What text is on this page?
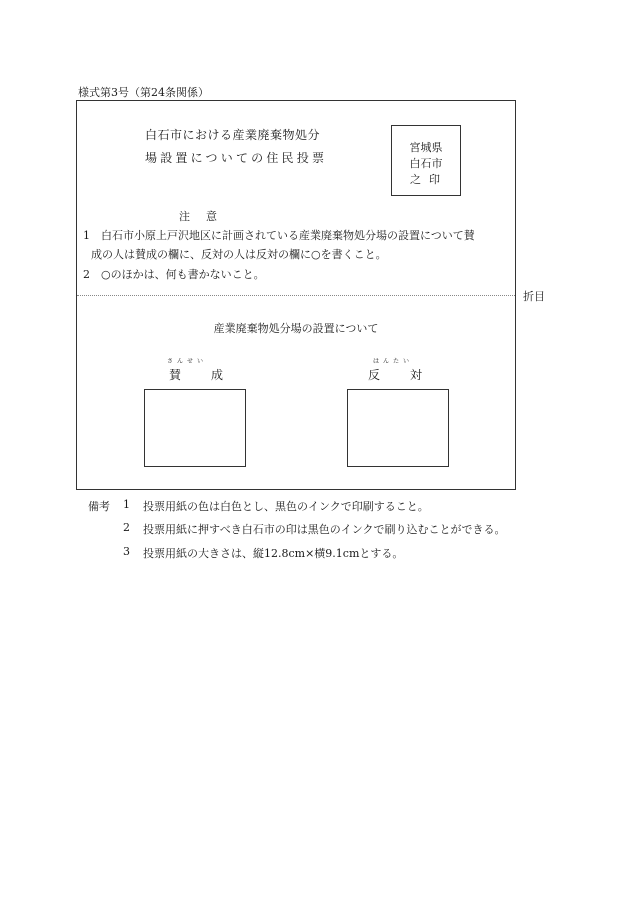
様式第3号（第24条関係）
白石市における産業廃棄物処分
場設置についての住民投票
宮城県
白石市
之印
注意
1　白石市小原上戸沢地区に計画されている産業廃棄物処分場の設置について賛
成の人は賛成の欄に、反対の人は反対の欄に○を書くこと。
2　○のほかは、何も書かないこと。
産業廃棄物処分場の設置について
さんせい
賛成
はんたい
反対
折目
備考 1 投票用紙の色は白色とし、黒色のインクで印刷すること。
2 投票用紙に押すべき白石市の印は黒色のインクで刷り込むことができる。
3 投票用紙の大きさは、縦12.8cm×横9.1cmとする。
